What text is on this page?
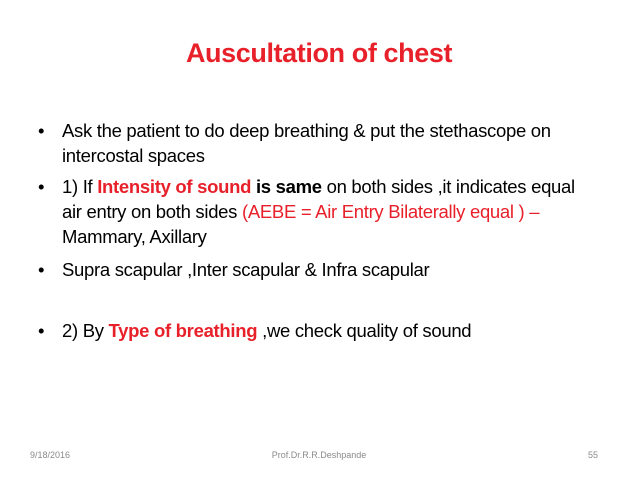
Auscultation of chest
• Ask the patient to do deep breathing & put the stethascope on intercostal spaces
• 1) If Intensity of sound is same on both sides ,it indicates equal air entry on both sides (AEBE = Air Entry Bilaterally equal ) – Mammary, Axillary
• Supra scapular ,Inter scapular & Infra scapular
• 2) By Type of breathing ,we check quality of sound
9/18/2016	Prof.Dr.R.R.Deshpande	55
